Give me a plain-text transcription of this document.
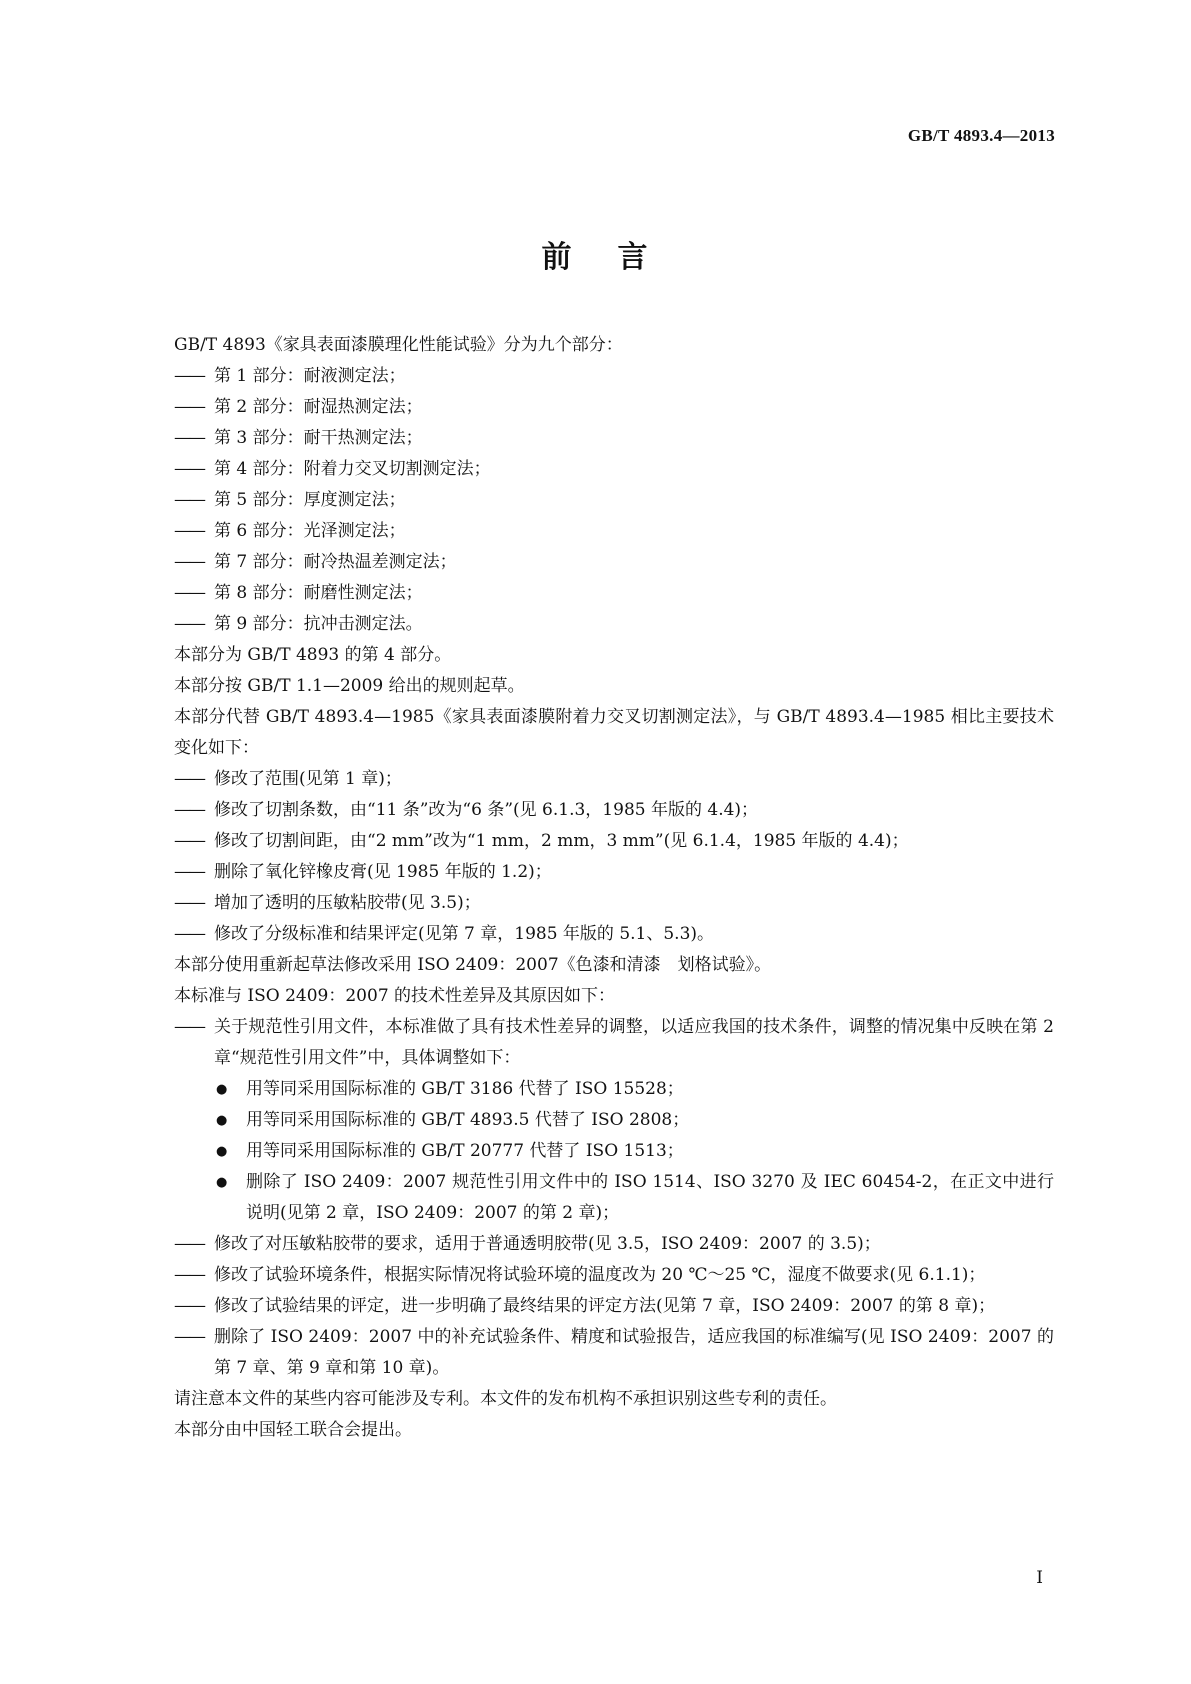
GB/T 4893.4—2013
前 言
GB/T 4893《家具表面漆膜理化性能试验》分为九个部分：
—— 第 1 部分：耐液测定法；
—— 第 2 部分：耐湿热测定法；
—— 第 3 部分：耐干热测定法；
—— 第 4 部分：附着力交叉切割测定法；
—— 第 5 部分：厚度测定法；
—— 第 6 部分：光泽测定法；
—— 第 7 部分：耐冷热温差测定法；
—— 第 8 部分：耐磨性测定法；
—— 第 9 部分：抗冲击测定法。
本部分为 GB/T 4893 的第 4 部分。
本部分按 GB/T 1.1—2009 给出的规则起草。
本部分代替 GB/T 4893.4—1985《家具表面漆膜附着力交叉切割测定法》，与 GB/T 4893.4—1985 相比主要技术变化如下：
—— 修改了范围(见第 1 章)；
—— 修改了切割条数，由“11 条”改为“6 条”(见 6.1.3，1985 年版的 4.4)；
—— 修改了切割间距，由“2 mm”改为“1 mm，2 mm，3 mm”(见 6.1.4，1985 年版的 4.4)；
—— 删除了氧化锌橡皮膏(见 1985 年版的 1.2)；
—— 增加了透明的压敏粘胶带(见 3.5)；
—— 修改了分级标准和结果评定(见第 7 章，1985 年版的 5.1、5.3)。
本部分使用重新起草法修改采用 ISO 2409：2007《色漆和清漆　划格试验》。
本标准与 ISO 2409：2007 的技术性差异及其原因如下：
—— 关于规范性引用文件，本标准做了具有技术性差异的调整，以适应我国的技术条件，调整的情况集中反映在第 2 章“规范性引用文件”中，具体调整如下：
● 用等同采用国际标准的 GB/T 3186 代替了 ISO 15528；
● 用等同采用国际标准的 GB/T 4893.5 代替了 ISO 2808；
● 用等同采用国际标准的 GB/T 20777 代替了 ISO 1513；
● 删除了 ISO 2409：2007 规范性引用文件中的 ISO 1514、ISO 3270 及 IEC 60454-2，在正文中进行说明(见第 2 章，ISO 2409：2007 的第 2 章)；
—— 修改了对压敏粘胶带的要求，适用于普通透明胶带(见 3.5，ISO 2409：2007 的 3.5)；
—— 修改了试验环境条件，根据实际情况将试验环境的温度改为 20 ℃～25 ℃，湿度不做要求(见 6.1.1)；
—— 修改了试验结果的评定，进一步明确了最终结果的评定方法(见第 7 章，ISO 2409：2007 的第 8 章)；
—— 删除了 ISO 2409：2007 中的补充试验条件、精度和试验报告，适应我国的标准编写(见 ISO 2409：2007 的第 7 章、第 9 章和第 10 章)。
请注意本文件的某些内容可能涉及专利。本文件的发布机构不承担识别这些专利的责任。
本部分由中国轻工联合会提出。
I
